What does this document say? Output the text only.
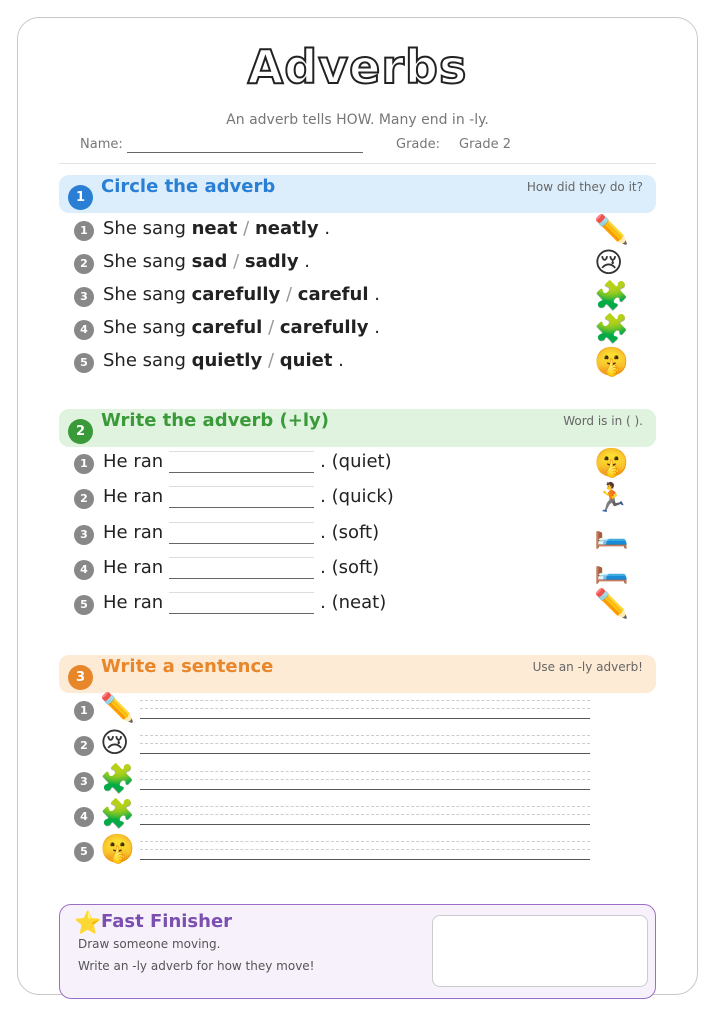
Adverbs
An adverb tells HOW. Many end in -ly.
Name:	Grade: Grade 2
1
Circle the adverb	How did they do it?
1 She sang neat / neatly .	✏️
2 She sang sad / sadly .	😢
3 She sang carefully / careful .	🧩
4 She sang careful / carefully .	🧩
5 She sang quietly / quiet .	🤫
2
Write the adverb (+ly)	Word is in ( ).
1 He ran	. (quiet)	🤫
2 He ran	. (quick)	🏃
3 He ran	. (soft)	🛏️
4 He ran	. (soft)	🛏️
5 He ran	. (neat)	✏️
3
Write a sentence	Use an -ly adverb!
1 ✏️
2 😢
3 🧩
4 🧩
5 🤫
⭐ Fast Finisher
Draw someone moving.
Write an -ly adverb for how they move!
